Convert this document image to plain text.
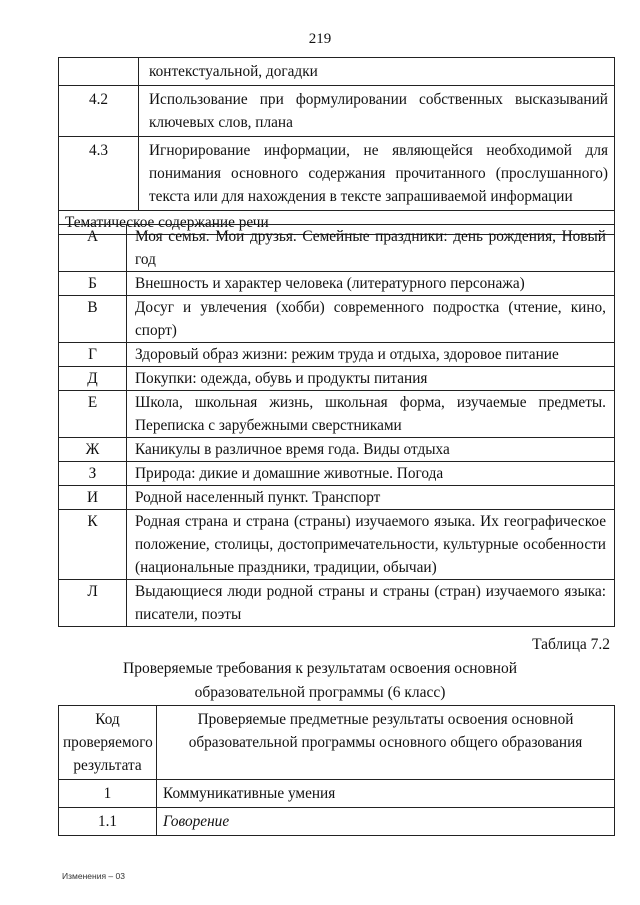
219
	контекстуальной, догадки
4.2	Использование при формулировании собственных высказываний ключевых слов, плана
4.3	Игнорирование информации, не являющейся необходимой для понимания основного содержания прочитанного (прослушанного) текста или для нахождения в тексте запрашиваемой информации
Тематическое содержание речи	
А	Моя семья. Мои друзья. Семейные праздники: день рождения, Новый год
Б	Внешность и характер человека (литературного персонажа)
В	Досуг и увлечения (хобби) современного подростка (чтение, кино, спорт)
Г	Здоровый образ жизни: режим труда и отдыха, здоровое питание
Д	Покупки: одежда, обувь и продукты питания
Е	Школа, школьная жизнь, школьная форма, изучаемые предметы. Переписка с зарубежными сверстниками
Ж	Каникулы в различное время года. Виды отдыха
З	Природа: дикие и домашние животные. Погода
И	Родной населенный пункт. Транспорт
К	Родная страна и страна (страны) изучаемого языка. Их географическое положение, столицы, достопримечательности, культурные особенности (национальные праздники, традиции, обычаи)
Л	Выдающиеся люди родной страны и страны (стран) изучаемого языка: писатели, поэты
Таблица 7.2
Проверяемые требования к результатам освоения основной
образовательной программы (6 класс)
Код проверяемого результата	Проверяемые предметные результаты освоения основной образовательной программы основного общего образования
1	Коммуникативные умения
1.1	Говорение
Изменения – 03
